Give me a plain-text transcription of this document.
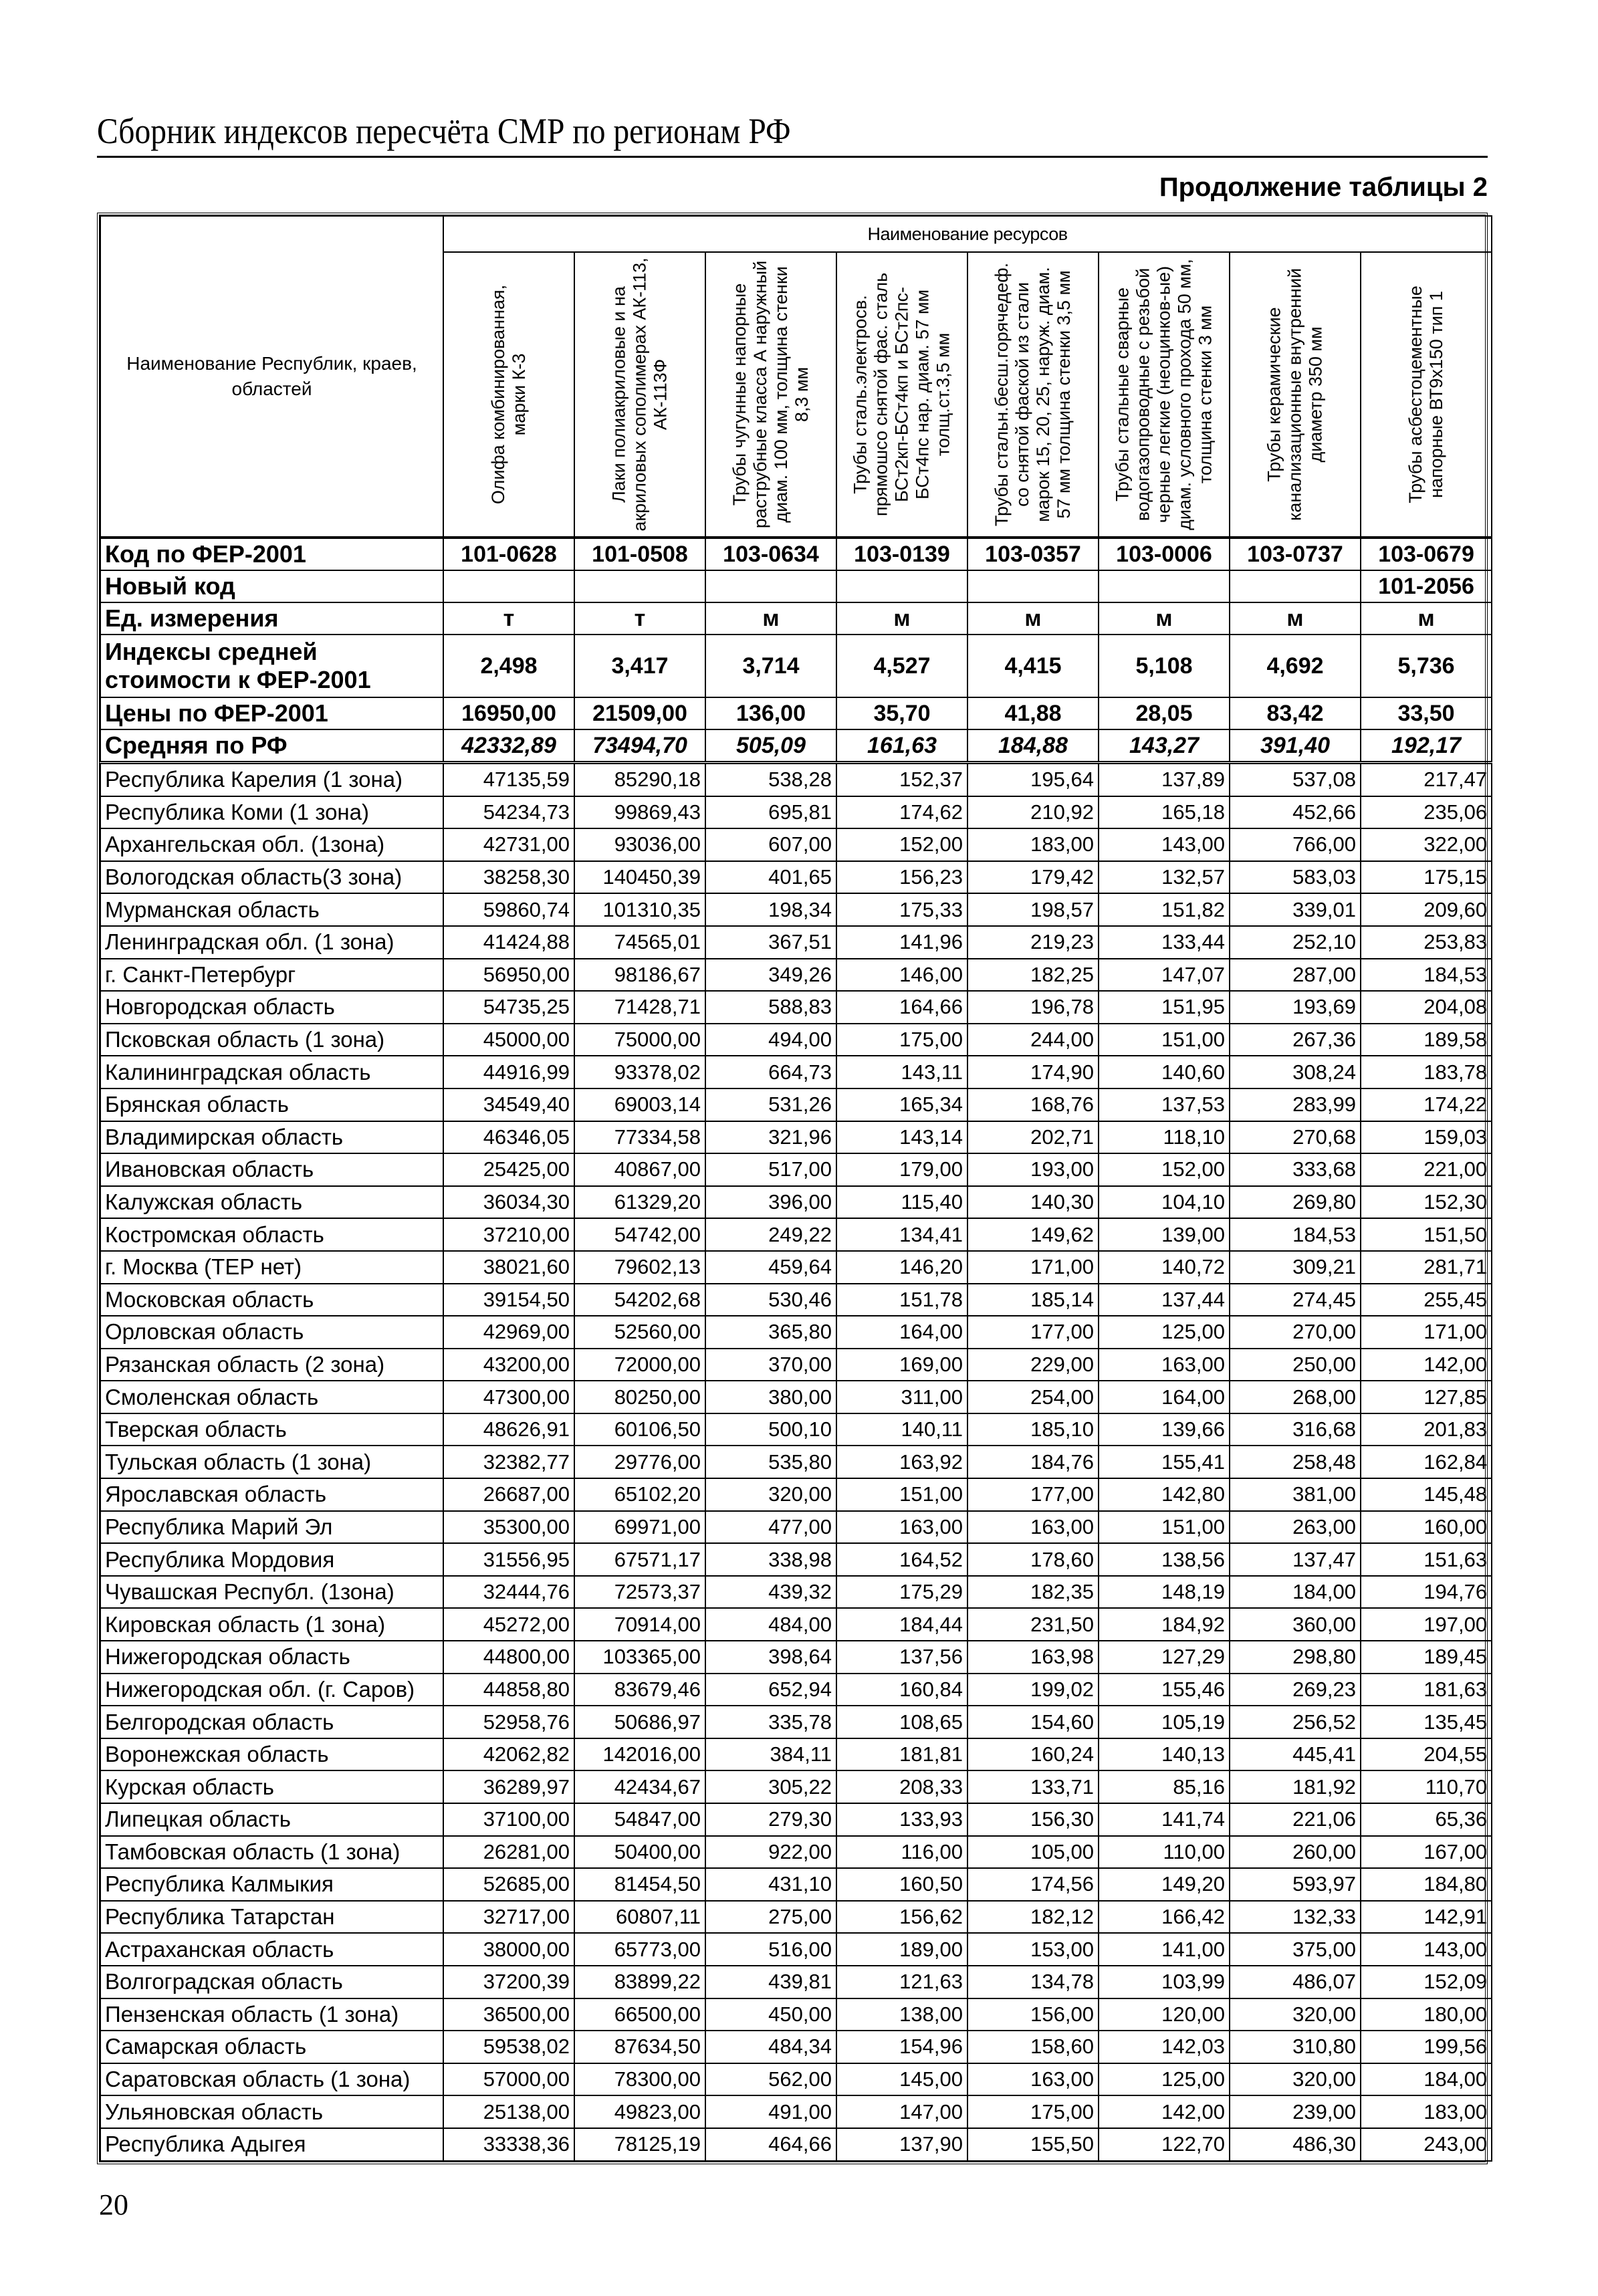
Сборник индексов пересчёта СМР по регионам РФ
Продолжение таблицы 2
Наименование Республик, краев, областей	Наименование ресурсов							

	Олифа комбинированная, марки К-3	Лаки полиакриловые и на акриловых сополимерах АК-113, АК-113Ф	Трубы чугунные напорные раструбные класса А наружный диам. 100 мм, толщина стенки 8,3 мм	Трубы сталь.электросв. прямошсо снятой фас. сталь БСт2кп-БСт4кп и БСт2пс-БСт4пс нар. диам. 57 мм толщ.ст.3,5 мм	Трубы стальн.бесш.горячедеф. со снятой фаской из стали марок 15, 20, 25, наруж. диам. 57 мм толщина стенки 3,5 мм	Трубы стальные сварные водогазопроводные с резьбой черные легкие (неоцинков-ые) диам. условного прохода 50 мм, толщина стенки 3 мм	Трубы керамические канализационные внутренний диаметр 350 мм	Трубы асбестоцементные напорные ВТ9х150 тип 1

Код по ФЕР-2001	101-0628	101-0508	103-0634	103-0139	103-0357	103-0006	103-0737	103-0679
Новый код								101-2056
Ед. измерения	т	т	м	м	м	м	м	м
Индексы средней стоимости к ФЕР-2001	2,498	3,417	3,714	4,527	4,415	5,108	4,692	5,736
Цены по ФЕР-2001	16950,00	21509,00	136,00	35,70	41,88	28,05	83,42	33,50
Средняя по РФ	42332,89	73494,70	505,09	161,63	184,88	143,27	391,40	192,17
Республика Карелия (1 зона)	47135,59	85290,18	538,28	152,37	195,64	137,89	537,08	217,47
Республика Коми (1 зона)	54234,73	99869,43	695,81	174,62	210,92	165,18	452,66	235,06
Архангельская обл. (1зона)	42731,00	93036,00	607,00	152,00	183,00	143,00	766,00	322,00
Вологодская область(3 зона)	38258,30	140450,39	401,65	156,23	179,42	132,57	583,03	175,15
Мурманская область	59860,74	101310,35	198,34	175,33	198,57	151,82	339,01	209,60
Ленинградская обл. (1 зона)	41424,88	74565,01	367,51	141,96	219,23	133,44	252,10	253,83
г. Санкт-Петербург	56950,00	98186,67	349,26	146,00	182,25	147,07	287,00	184,53
Новгородская область	54735,25	71428,71	588,83	164,66	196,78	151,95	193,69	204,08
Псковская область (1 зона)	45000,00	75000,00	494,00	175,00	244,00	151,00	267,36	189,58
Калининградская область	44916,99	93378,02	664,73	143,11	174,90	140,60	308,24	183,78
Брянская область	34549,40	69003,14	531,26	165,34	168,76	137,53	283,99	174,22
Владимирская область	46346,05	77334,58	321,96	143,14	202,71	118,10	270,68	159,03
Ивановская область	25425,00	40867,00	517,00	179,00	193,00	152,00	333,68	221,00
Калужская область	36034,30	61329,20	396,00	115,40	140,30	104,10	269,80	152,30
Костромская область	37210,00	54742,00	249,22	134,41	149,62	139,00	184,53	151,50
г. Москва (ТЕР нет)	38021,60	79602,13	459,64	146,20	171,00	140,72	309,21	281,71
Московская область	39154,50	54202,68	530,46	151,78	185,14	137,44	274,45	255,45
Орловская область	42969,00	52560,00	365,80	164,00	177,00	125,00	270,00	171,00
Рязанская область (2 зона)	43200,00	72000,00	370,00	169,00	229,00	163,00	250,00	142,00
Смоленская область	47300,00	80250,00	380,00	311,00	254,00	164,00	268,00	127,85
Тверская область	48626,91	60106,50	500,10	140,11	185,10	139,66	316,68	201,83
Тульская область (1 зона)	32382,77	29776,00	535,80	163,92	184,76	155,41	258,48	162,84
Ярославская область	26687,00	65102,20	320,00	151,00	177,00	142,80	381,00	145,48
Республика Марий Эл	35300,00	69971,00	477,00	163,00	163,00	151,00	263,00	160,00
Республика Мордовия	31556,95	67571,17	338,98	164,52	178,60	138,56	137,47	151,63
Чувашская Республ. (1зона)	32444,76	72573,37	439,32	175,29	182,35	148,19	184,00	194,76
Кировская область (1 зона)	45272,00	70914,00	484,00	184,44	231,50	184,92	360,00	197,00
Нижегородская область	44800,00	103365,00	398,64	137,56	163,98	127,29	298,80	189,45
Нижегородская обл. (г. Саров)	44858,80	83679,46	652,94	160,84	199,02	155,46	269,23	181,63
Белгородская область	52958,76	50686,97	335,78	108,65	154,60	105,19	256,52	135,45
Воронежская область	42062,82	142016,00	384,11	181,81	160,24	140,13	445,41	204,55
Курская область	36289,97	42434,67	305,22	208,33	133,71	85,16	181,92	110,70
Липецкая область	37100,00	54847,00	279,30	133,93	156,30	141,74	221,06	65,36
Тамбовская область (1 зона)	26281,00	50400,00	922,00	116,00	105,00	110,00	260,00	167,00
Республика Калмыкия	52685,00	81454,50	431,10	160,50	174,56	149,20	593,97	184,80
Республика Татарстан	32717,00	60807,11	275,00	156,62	182,12	166,42	132,33	142,91
Астраханская область	38000,00	65773,00	516,00	189,00	153,00	141,00	375,00	143,00
Волгоградская область	37200,39	83899,22	439,81	121,63	134,78	103,99	486,07	152,09
Пензенская область (1 зона)	36500,00	66500,00	450,00	138,00	156,00	120,00	320,00	180,00
Самарская область	59538,02	87634,50	484,34	154,96	158,60	142,03	310,80	199,56
Саратовская область (1 зона)	57000,00	78300,00	562,00	145,00	163,00	125,00	320,00	184,00
Ульяновская область	25138,00	49823,00	491,00	147,00	175,00	142,00	239,00	183,00
Республика Адыгея	33338,36	78125,19	464,66	137,90	155,50	122,70	486,30	243,00
20
